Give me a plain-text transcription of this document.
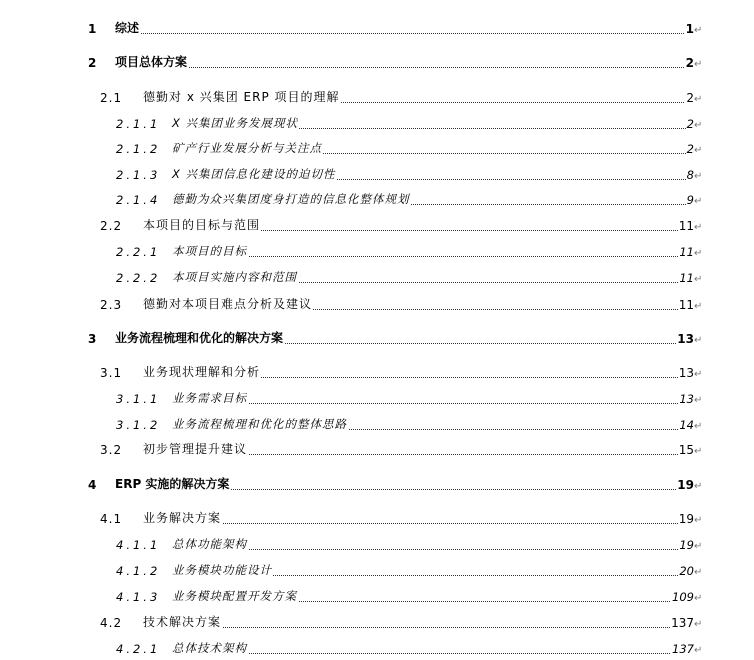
1 综述	1 ↵
2 项目总体方案	2 ↵
2.1 德勤对 x 兴集团 ERP 项目的理解	2 ↵
2.1.1 X 兴集团业务发展现状	2 ↵
2.1.2 矿产行业发展分析与关注点	2 ↵
2.1.3 X 兴集团信息化建设的迫切性	8 ↵
2.1.4 德勤为众兴集团度身打造的信息化整体规划	9 ↵
2.2 本项目的目标与范围	11 ↵
2.2.1 本项目的目标	11 ↵
2.2.2 本项目实施内容和范围	11 ↵
2.3 德勤对本项目难点分析及建议	11 ↵
3 业务流程梳理和优化的解决方案	13 ↵
3.1 业务现状理解和分析	13 ↵
3.1.1 业务需求目标	13 ↵
3.1.2 业务流程梳理和优化的整体思路	14 ↵
3.2 初步管理提升建议	15 ↵
4 ERP 实施的解决方案	19 ↵
4.1 业务解决方案	19 ↵
4.1.1 总体功能架构	19 ↵
4.1.2 业务模块功能设计	20 ↵
4.1.3 业务模块配置开发方案	109 ↵
4.2 技术解决方案	137 ↵
4.2.1 总体技术架构	137 ↵
